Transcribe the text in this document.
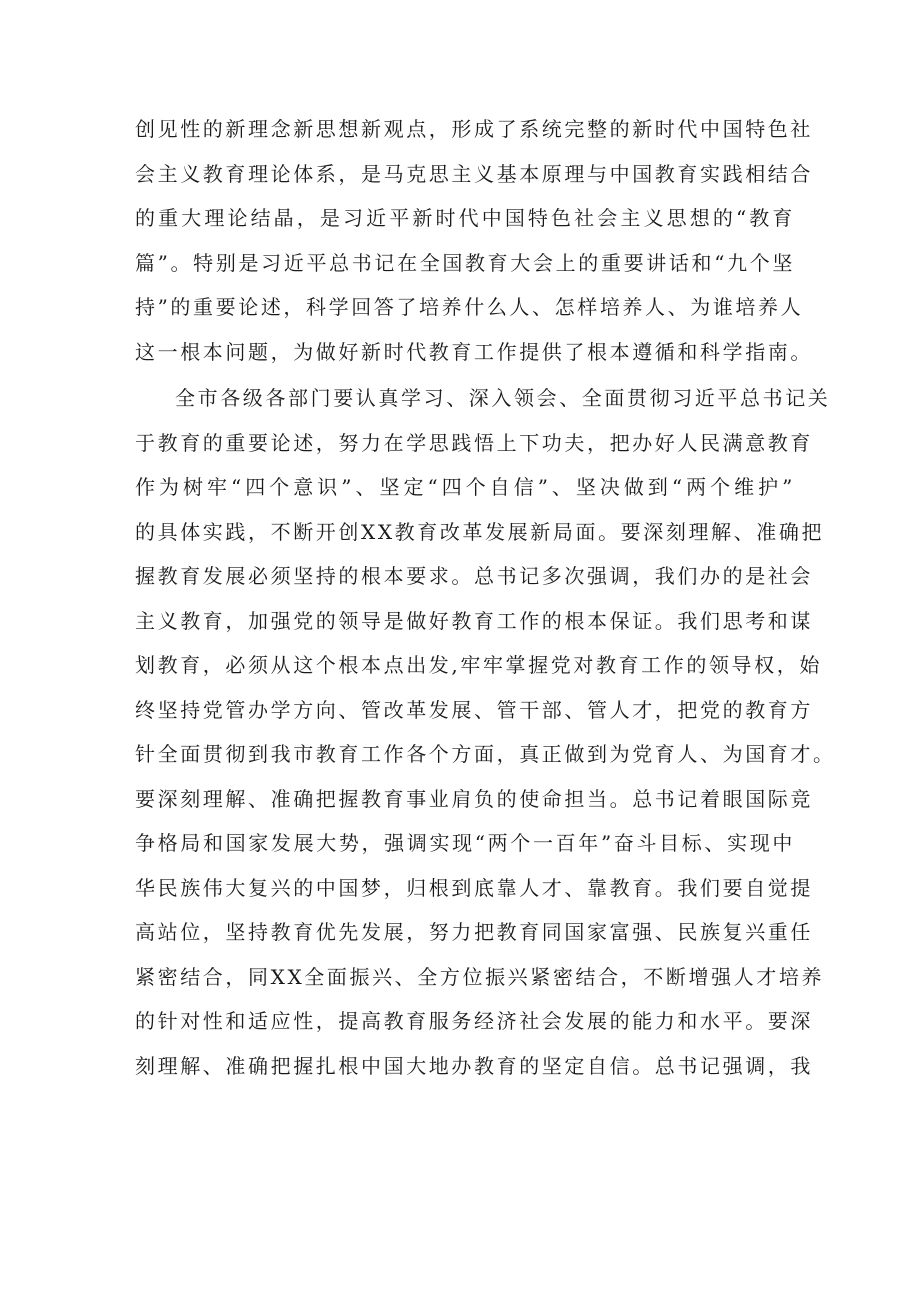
创见性的新理念新思想新观点，形成了系统完整的新时代中国特色社
会主义教育理论体系，是马克思主义基本原理与中国教育实践相结合
的重大理论结晶，是习近平新时代中国特色社会主义思想的“教育
篇”。特别是习近平总书记在全国教育大会上的重要讲话和“九个坚
持”的重要论述，科学回答了培养什么人、怎样培养人、为谁培养人
这一根本问题，为做好新时代教育工作提供了根本遵循和科学指南。
全市各级各部门要认真学习、深入领会、全面贯彻习近平总书记关
于教育的重要论述，努力在学思践悟上下功夫，把办好人民满意教育
作为树牢“四个意识”、坚定“四个自信”、坚决做到“两个维护”
的具体实践，不断开创XX教育改革发展新局面。要深刻理解、准确把
握教育发展必须坚持的根本要求。总书记多次强调，我们办的是社会
主义教育，加强党的领导是做好教育工作的根本保证。我们思考和谋
划教育，必须从这个根本点出发,牢牢掌握党对教育工作的领导权，始
终坚持党管办学方向、管改革发展、管干部、管人才，把党的教育方
针全面贯彻到我市教育工作各个方面，真正做到为党育人、为国育才。
要深刻理解、准确把握教育事业肩负的使命担当。总书记着眼国际竞
争格局和国家发展大势，强调实现“两个一百年”奋斗目标、实现中
华民族伟大复兴的中国梦，归根到底靠人才、靠教育。我们要自觉提
高站位，坚持教育优先发展，努力把教育同国家富强、民族复兴重任
紧密结合，同XX全面振兴、全方位振兴紧密结合，不断增强人才培养
的针对性和适应性，提高教育服务经济社会发展的能力和水平。要深
刻理解、准确把握扎根中国大地办教育的坚定自信。总书记强调，我
